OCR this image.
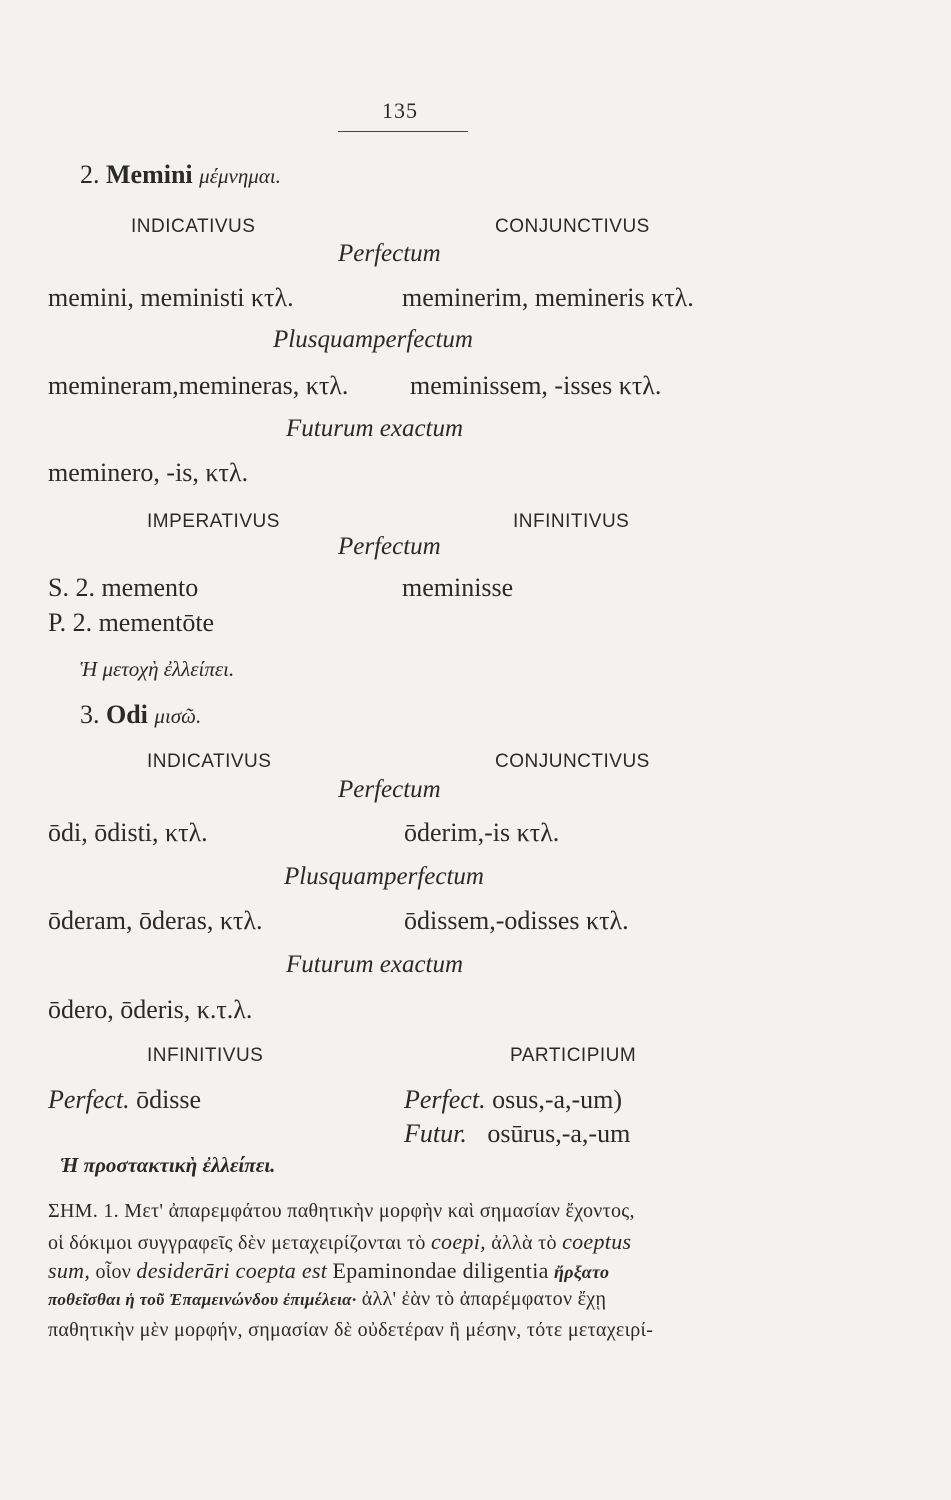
135
2. Memini μέμνημαι.
INDICATIVUS	CONJUNCTIVUS
Perfectum
memini, meministi κτλ.	meminerim, memineris κτλ.
Plusquamperfectum
memineram,memineras, κτλ. meminissem, -isses κτλ.
Futurum exactum
meminero, -is, κτλ.
IMPERATIVUS	INFINITIVUS
Perfectum
S. 2. memento	meminisse
P. 2. mementōte
Ἡ μετοχὴ ἐλλείπει.
3. Odi μισῶ.
INDICATIVUS	CONJUNCTIVUS
Perfectum
ōdi, ōdisti, κτλ.	ōderim,-is κτλ.
Plusquamperfectum
ōderam, ōderas, κτλ.	ōdissem,-odisses κτλ.
Futurum exactum
ōdero, ōderis, κ.τ.λ.
INFINITIVUS	PARTICIPIUM
Perfect. ōdisse	Perfect. osus,-a,-um)
Futur. osūrus,-a,-um
Ἡ προστακτικὴ ἐλλείπει.
ΣΗΜ. 1. Μετ' ἀπαρεμφάτου παθητικὴν μορφὴν καὶ σημασίαν ἔχοντος,
οἱ δόκιμοι συγγραφεῖς δὲν μεταχειρίζονται τὸ coepi, ἀλλὰ τὸ coeptus
sum, οἷον desiderāri coepta est Epaminondae diligentia ἤρξατο
ποθεῖσθαι ἡ τοῦ Ἐπαμεινώνδου ἐπιμέλεια· ἀλλ' ἐὰν τὸ ἀπαρέμφατον ἔχῃ
παθητικὴν μὲν μορφήν, σημασίαν δὲ οὐδετέραν ἢ μέσην, τότε μεταχειρί-
